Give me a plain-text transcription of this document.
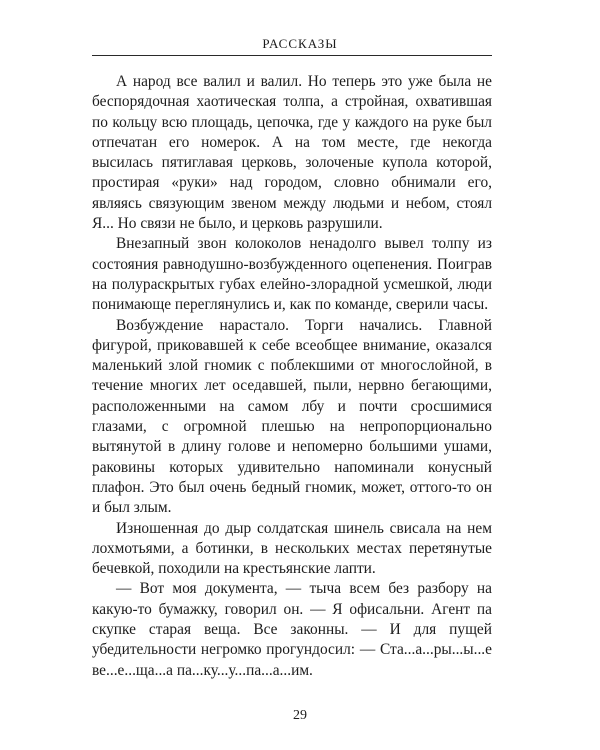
РАССКАЗЫ

А народ все валил и валил. Но теперь это уже была не беспорядочная хаотическая толпа, а стройная, охватившая по кольцу всю площадь, цепочка, где у каждого на руке был отпечатан его номерок. А на том месте, где некогда высилась пятиглавая церковь, золоченые купола которой, простирая «руки» над городом, словно обнимали его, являясь связующим звеном между людьми и небом, стоял Я... Но связи не было, и церковь разрушили.

Внезапный звон колоколов ненадолго вывел толпу из состояния равнодушно-возбужденного оцепенения. Поиграв на полураскрытых губах елейно-злорадной усмешкой, люди понимающе переглянулись и, как по команде, сверили часы.

Возбуждение нарастало. Торги начались. Главной фигурой, приковавшей к себе всеобщее внимание, оказался маленький злой гномик с поблекшими от многослойной, в течение многих лет оседавшей, пыли, нервно бегающими, расположенными на самом лбу и почти сросшимися глазами, с огромной плешью на непропорционально вытянутой в длину голове и непомерно большими ушами, раковины которых удивительно напоминали конусный плафон. Это был очень бедный гномик, может, оттого-то он и был злым.

Изношенная до дыр солдатская шинель свисала на нем лохмотьями, а ботинки, в нескольких местах перетянутые бечевкой, походили на крестьянские лапти.

— Вот моя документа, — тыча всем без разбору на какую-то бумажку, говорил он. — Я офисальни. Агент па скупке старая веща. Все законны. — И для пущей убедительности негромко прогундосил: — Ста...а...ры...ы...е ве...е...ща...а па...ку...у...па...а...им.

29
